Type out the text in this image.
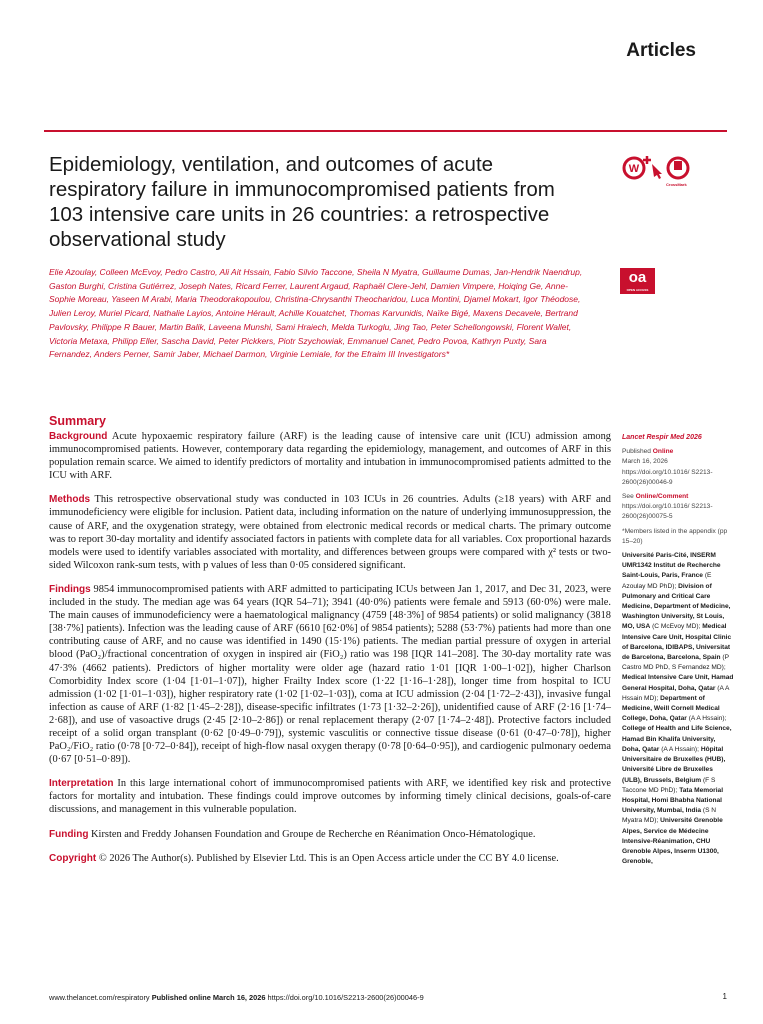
Articles
Epidemiology, ventilation, and outcomes of acute respiratory failure in immunocompromised patients from 103 intensive care units in 26 countries: a retrospective observational study
W
CrossMark
oa
OPEN ACCESS
Elie Azoulay, Colleen McEvoy, Pedro Castro, Ali Ait Hssain, Fabio Silvio Taccone, Sheila N Myatra, Guillaume Dumas, Jan-Hendrik Naendrup, Gaston Burghi, Cristina Gutiérrez, Joseph Nates, Ricard Ferrer, Laurent Argaud, Raphaël Clere-Jehl, Damien Vimpere, Hoiqing Ge, Anne-Sophie Moreau, Yaseen M Arabi, Maria Theodorakopoulou, Christina-Chrysanthi Theocharidou, Luca Montini, Djamel Mokart, Igor Théodose, Julien Leroy, Muriel Picard, Nathalie Layios, Antoine Hérault, Achille Kouatchet, Thomas Karvunidis, Naïke Bigé, Maxens Decavele, Bertrand Pavlovsky, Philippe R Bauer, Martin Balik, Laveena Munshi, Sami Hraiech, Melda Turkoglu, Jing Tao, Peter Schellongowski, Florent Wallet, Victoria Metaxa, Philipp Eller, Sascha David, Peter Pickkers, Piotr Szychowiak, Emmanuel Canet, Pedro Povoa, Kathryn Puxty, Sara Fernandez, Anders Perner, Samir Jaber, Michael Darmon, Virginie Lemiale, for the Efraim III Investigators*
Summary

Background Acute hypoxaemic respiratory failure (ARF) is the leading cause of intensive care unit (ICU) admission among immunocompromised patients. However, contemporary data regarding the epidemiology, management, and outcomes of ARF in this population remain scarce. We aimed to identify predictors of mortality and intubation in immunocompromised patients admitted to the ICU with ARF.

Methods This retrospective observational study was conducted in 103 ICUs in 26 countries. Adults (≥18 years) with ARF and immunodeficiency were eligible for inclusion. Patient data, including information on the nature of underlying immunosuppression, the cause of ARF, and the oxygenation strategy, were obtained from electronic medical records or medical charts. The primary outcome was to report 30-day mortality and identify associated factors in patients with complete data for all variables. Cox proportional hazards models were used to identify variables associated with mortality, and differences between groups were compared with χ² tests or two-sided Wilcoxon rank-sum tests, with p values of less than 0·05 considered significant.

Findings 9854 immunocompromised patients with ARF admitted to participating ICUs between Jan 1, 2017, and Dec 31, 2023, were included in the study. The median age was 64 years (IQR 54–71); 3941 (40·0%) patients were female and 5913 (60·0%) were male. The main causes of immunodeficiency were a haematological malignancy (4759 [48·3%] of 9854 patients) or solid malignancy (3818 [38·7%] patients). Infection was the leading cause of ARF (6610 [62·0%] of 9854 patients); 5288 (53·7%) patients had more than one contributing cause of ARF, and no cause was identified in 1490 (15·1%) patients. The median partial pressure of oxygen in arterial blood (PaO₂)/fractional concentration of oxygen in inspired air (FiO₂) ratio was 198 [IQR 141–208]. The 30-day mortality rate was 47·3% (4662 patients). Predictors of higher mortality were older age (hazard ratio 1·01 [IQR 1·00–1·02]), higher Charlson Comorbidity Index score (1·04 [1·01–1·07]), higher Frailty Index score (1·22 [1·16–1·28]), longer time from hospital to ICU admission (1·02 [1·01–1·03]), higher respiratory rate (1·02 [1·02–1·03]), coma at ICU admission (2·04 [1·72–2·43]), invasive fungal infection as cause of ARF (1·82 [1·45–2·28]), disease-specific infiltrates (1·73 [1·32–2·26]), unidentified cause of ARF (2·16 [1·74–2·68]), and use of vasoactive drugs (2·45 [2·10–2·86]) or renal replacement therapy (2·07 [1·74–2·48]). Protective factors included receipt of a solid organ transplant (0·62 [0·49–0·79]), systemic vasculitis or connective tissue disease (0·61 (0·47–0·78]), higher PaO₂/FiO₂ ratio (0·78 [0·72–0·84]), receipt of high-flow nasal oxygen therapy (0·78 [0·64–0·95]), and cardiogenic pulmonary oedema (0·67 [0·51–0·89]).

Interpretation In this large international cohort of immunocompromised patients with ARF, we identified key risk and protective factors for mortality and intubation. These findings could improve outcomes by informing timely clinical decisions, goals-of-care discussions, and management in this vulnerable population.

Funding Kirsten and Freddy Johansen Foundation and Groupe de Recherche en Réanimation Onco-Hématologique.

Copyright © 2026 The Author(s). Published by Elsevier Ltd. This is an Open Access article under the CC BY 4.0 license.

Lancet Respir Med 2026
Published Online
March 16, 2026
https://doi.org/10.1016/ S2213-2600(26)00046-9
See Online/Comment
https://doi.org/10.1016/ S2213-2600(26)00075-5
*Members listed in the appendix (pp 15–20)
Université Paris-Cité, INSERM UMR1342 Institut de Recherche Saint-Louis, Paris, France (E Azoulay MD PhD); Division of Pulmonary and Critical Care Medicine, Department of Medicine, Washington University, St Louis, MO, USA (C McEvoy MD); Medical Intensive Care Unit, Hospital Clinic of Barcelona, IDIBAPS, Universitat de Barcelona, Barcelona, Spain (P Castro MD PhD, S Fernandez MD); Medical Intensive Care Unit, Hamad General Hospital, Doha, Qatar (A A Hssain MD); Department of Medicine, Weill Cornell Medical College, Doha, Qatar (A A Hssain); College of Health and Life Science, Hamad Bin Khalifa University, Doha, Qatar (A A Hssain); Hôpital Universitaire de Bruxelles (HUB), Université Libre de Bruxelles (ULB), Brussels, Belgium (F S Taccone MD PhD); Tata Memorial Hospital, Homi Bhabha National University, Mumbai, India (S N Myatra MD); Université Grenoble Alpes, Service de Médecine Intensive-Réanimation, CHU Grenoble Alpes, Inserm U1300, Grenoble,
www.thelancet.com/respiratory Published online March 16, 2026 https://doi.org/10.1016/S2213-2600(26)00046-9	1
